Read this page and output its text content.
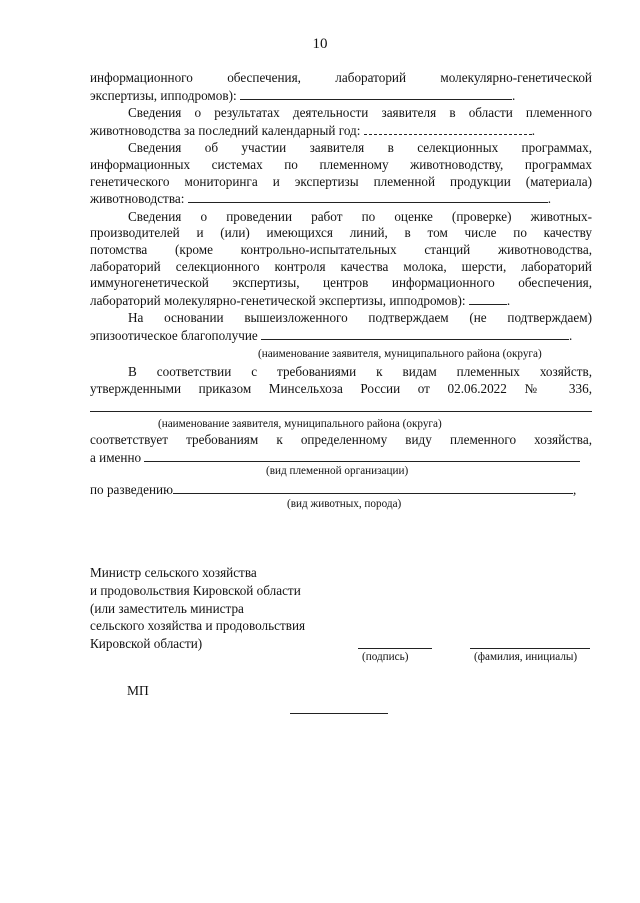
10
информационного обеспечения, лабораторий молекулярно-генетической
экспертизы, ипподромов):	.
Сведения о результатах деятельности заявителя в области племенного
животноводства за последний календарный год:	.
Сведения об участии заявителя в селекционных программах,
информационных системах по племенному животноводству, программах
генетического мониторинга и экспертизы племенной продукции (материала)
животноводства:	.
Сведения о проведении работ по оценке (проверке) животных-
производителей и (или) имеющихся линий, в том числе по качеству
потомства (кроме контрольно-испытательных станций животноводства,
лабораторий селекционного контроля качества молока, шерсти, лабораторий
иммуногенетической экспертизы, центров информационного обеспечения,
лабораторий молекулярно-генетической экспертизы, ипподромов):	.
На основании вышеизложенного подтверждаем (не подтверждаем)
эпизоотическое благополучие	.
(наименование заявителя, муниципального района (округа)
В соответствии с требованиями к видам племенных хозяйств,
утвержденными приказом Минсельхоза России от 02.06.2022 № 336,
(наименование заявителя, муниципального района (округа)
соответствует требованиям к определенному виду племенного хозяйства,
а именно
(вид племенной организации)
по разведению	,
(вид животных, порода)
Министр сельского хозяйства
и продовольствия Кировской области
(или заместитель министра
сельского хозяйства и продовольствия
Кировской области)
(подпись)	(фамилия, инициалы)
МП
